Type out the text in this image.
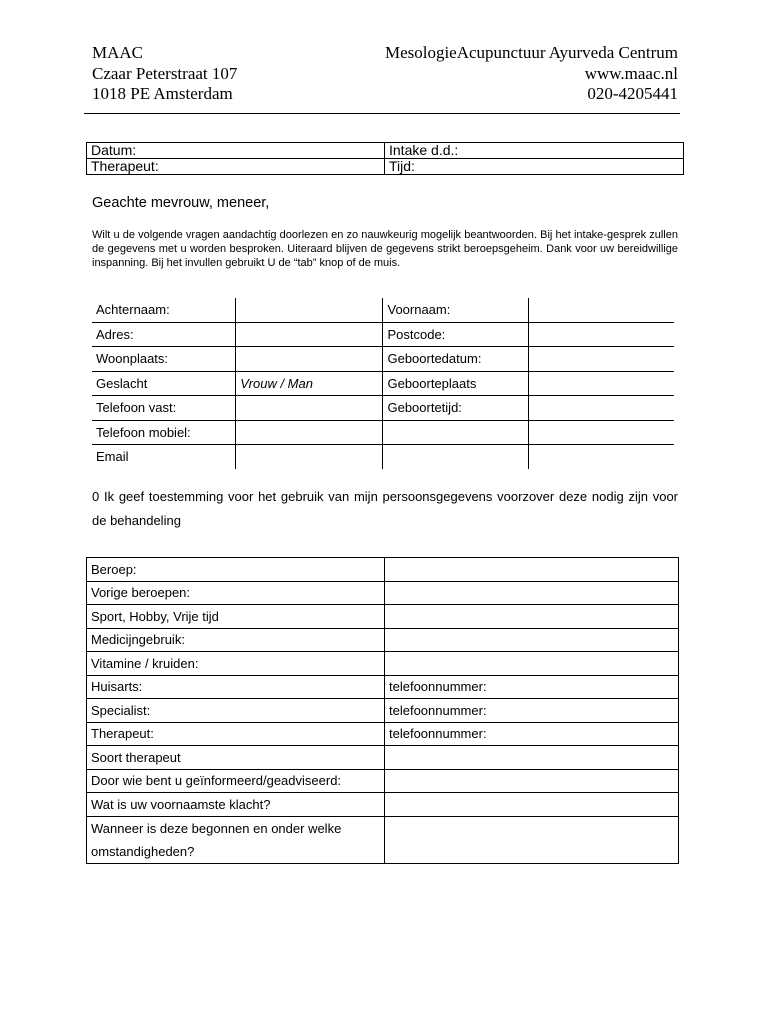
MAAC
Czaar Peterstraat 107
1018 PE Amsterdam
MesologieAcupunctuur Ayurveda Centrum
www.maac.nl
020-4205441
Datum:	Intake d.d.:
Therapeut:	Tijd:
Geachte mevrouw, meneer,
Wilt u de volgende vragen aandachtig doorlezen en zo nauwkeurig mogelijk beantwoorden. Bij het intake-gesprek zullen de gegevens met u worden besproken. Uiteraard blijven de gegevens strikt beroepsgeheim. Dank voor uw bereidwillige inspanning. Bij het invullen gebruikt U de “tab” knop of de muis.
Achternaam:		Voornaam:	
Adres:		Postcode:	
Woonplaats:		Geboortedatum:	
Geslacht	Vrouw / Man	Geboorteplaats	
Telefoon vast:		Geboortetijd:	
Telefoon mobiel:			
Email			
0 Ik geef toestemming voor het gebruik van mijn persoonsgegevens voorzover deze nodig zijn voor de behandeling
Beroep:	
Vorige beroepen:	
Sport, Hobby, Vrije tijd	
Medicijngebruik:	
Vitamine / kruiden:	
Huisarts:	telefoonnummer:
Specialist:	telefoonnummer:
Therapeut:	telefoonnummer:
Soort therapeut	
Door wie bent u geïnformeerd/geadviseerd:	
Wat is uw voornaamste klacht?	
Wanneer is deze begonnen en onder welke omstandigheden?	
